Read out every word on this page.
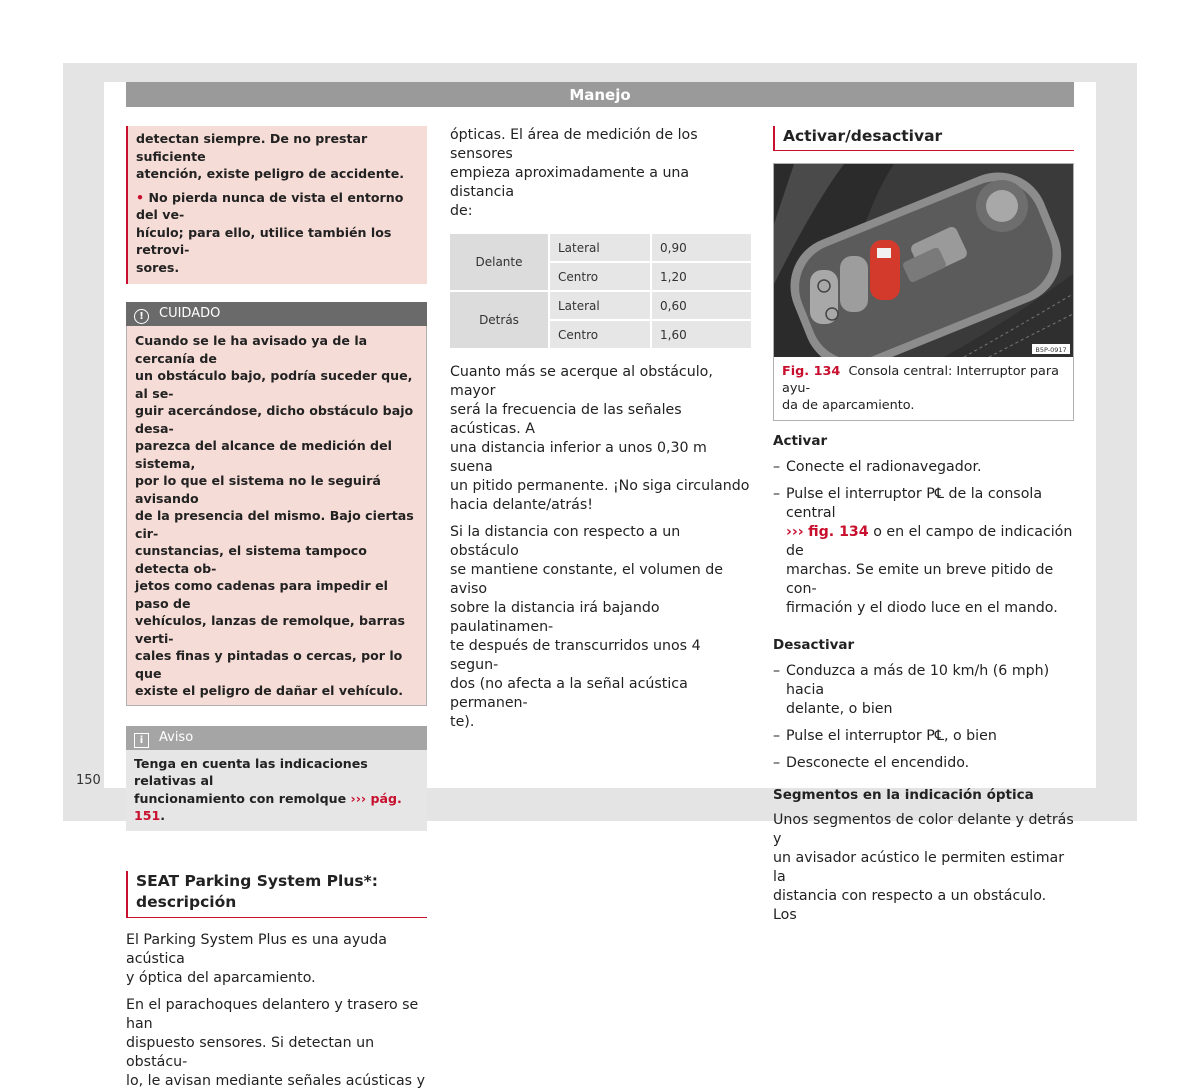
Manejo
150

detectan siempre. De no prestar suficiente

atención, existe peligro de accidente.

• No pierda nunca de vista el entorno del ve-

hículo; para ello, utilice también los retrovi-

sores.

! CUIDADO

Cuando se le ha avisado ya de la cercanía de

un obstáculo bajo, podría suceder que, al se-

guir acercándose, dicho obstáculo bajo desa-

parezca del alcance de medición del sistema,

por lo que el sistema no le seguirá avisando

de la presencia del mismo. Bajo ciertas cir-

cunstancias, el sistema tampoco detecta ob-

jetos como cadenas para impedir el paso de

vehículos, lanzas de remolque, barras verti-

cales finas y pintadas o cercas, por lo que

existe el peligro de dañar el vehículo.

i Aviso

Tenga en cuenta las indicaciones relativas al

funcionamiento con remolque ››› pág. 151.

SEAT Parking System Plus*:
descripción

El Parking System Plus es una ayuda acústica

y óptica del aparcamiento.

En el parachoques delantero y trasero se han

dispuesto sensores. Si detectan un obstácu-

lo, le avisan mediante señales acústicas y

ópticas. El área de medición de los sensores

empieza aproximadamente a una distancia

de:

Delante	Lateral	0,90
	Centro	1,20
Detrás	Lateral	0,60
	Centro	1,60

Cuanto más se acerque al obstáculo, mayor

será la frecuencia de las señales acústicas. A

una distancia inferior a unos 0,30 m suena

un pitido permanente. ¡No siga circulando

hacia delante/atrás!

Si la distancia con respecto a un obstáculo

se mantiene constante, el volumen de aviso

sobre la distancia irá bajando paulatinamen-

te después de transcurridos unos 4 segun-

dos (no afecta a la señal acústica permanen-

te).

Activar/desactivar
B5P-0917
Fig. 134 Consola central: Interruptor para ayu-
da de aparcamiento.
Activar
– Conecte el radionavegador.
– Pulse el interruptor P℄ de la consola central
››› fig. 134 o en el campo de indicación de
marchas. Se emite un breve pitido de con-
firmación y el diodo luce en el mando.
Desactivar
– Conduzca a más de 10 km/h (6 mph) hacia
delante, o bien
– Pulse el interruptor P℄, o bien
– Desconecte el encendido.
Segmentos en la indicación óptica

Unos segmentos de color delante y detrás y

un avisador acústico le permiten estimar la

distancia con respecto a un obstáculo. Los
